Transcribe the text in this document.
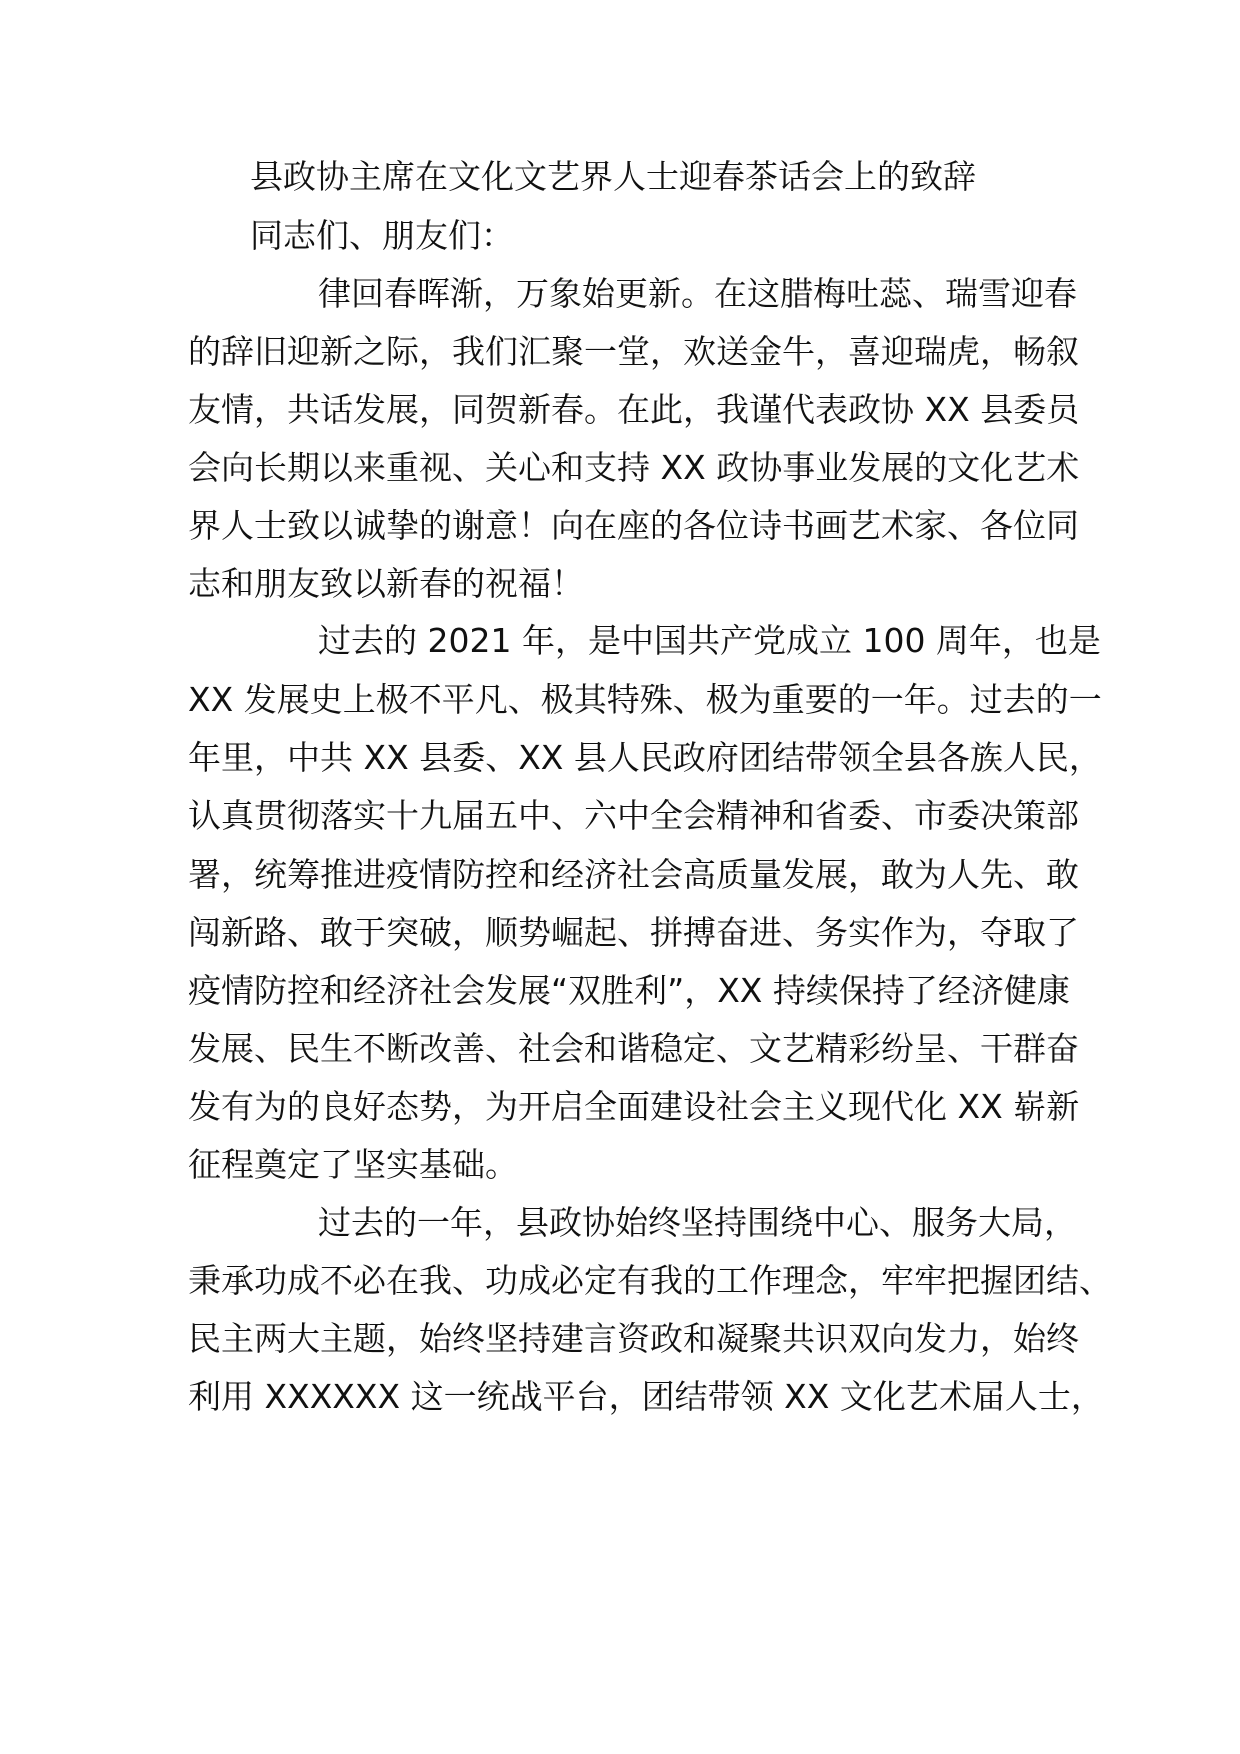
县政协主席在文化文艺界人士迎春茶话会上的致辞
同志们、朋友们：
律回春晖渐，万象始更新。在这腊梅吐蕊、瑞雪迎春
的辞旧迎新之际，我们汇聚一堂，欢送金牛，喜迎瑞虎，畅叙
友情，共话发展，同贺新春。在此，我谨代表政协 XX 县委员
会向长期以来重视、关心和支持 XX 政协事业发展的文化艺术
界人士致以诚挚的谢意！向在座的各位诗书画艺术家、各位同
志和朋友致以新春的祝福！
过去的 2021 年，是中国共产党成立 100 周年，也是
XX 发展史上极不平凡、极其特殊、极为重要的一年。过去的一
年里，中共 XX 县委、XX 县人民政府团结带领全县各族人民，
认真贯彻落实十九届五中、六中全会精神和省委、市委决策部
署，统筹推进疫情防控和经济社会高质量发展，敢为人先、敢
闯新路、敢于突破，顺势崛起、拼搏奋进、务实作为，夺取了
疫情防控和经济社会发展“双胜利”，XX 持续保持了经济健康
发展、民生不断改善、社会和谐稳定、文艺精彩纷呈、干群奋
发有为的良好态势，为开启全面建设社会主义现代化 XX 崭新
征程奠定了坚实基础。
过去的一年，县政协始终坚持围绕中心、服务大局，
秉承功成不必在我、功成必定有我的工作理念，牢牢把握团结、
民主两大主题，始终坚持建言资政和凝聚共识双向发力，始终
利用 XXXXXX 这一统战平台，团结带领 XX 文化艺术届人士，
